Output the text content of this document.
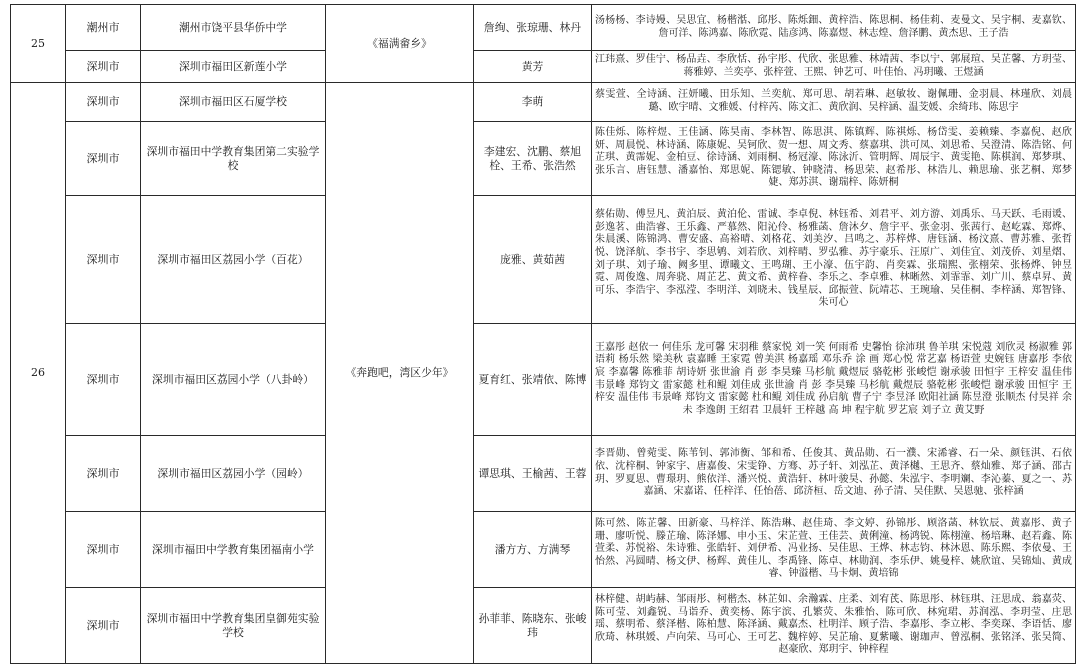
25	潮州市	潮州市饶平县华侨中学	《福满畲乡》	詹绚、张琼珊、林丹	汤杨杨、李诗嫚、吴思宜、杨楷湉、邱彤、陈烁鈿、黄梓浩、陈思桐、杨佳莉、麦曼文、吴宇桐、麦嘉钦、詹可洋、陈鸿嘉、陈欣霓、陆彦鸿、陈嘉煜、林志煌、詹泽鹏、黄杰思、王子浩
	深圳市	深圳市福田区新莲小学		黄芳	江玮熹、罗佳宁、杨品垚、李欣恬、孙宇彤、代欣、张思雅、林靖茜、李以宁、郭展瑄、吴芷馨、方玥莹、蒋雅婷、兰奕亭、张梓萱、王熙、钟艺可、叶佳怡、冯玥曦、王煜涵
26	深圳市	深圳市福田区石厦学校	《奔跑吧，湾区少年》	李萌	蔡雯萱、全诗涵、汪妍曦、田乐知、兰奕航、郑可思、胡若琳、赵敏妆、谢佩珊、金羽晨、林瑾欣、刘晨璐、欧宇晴、文雅媛、付梓芮、陈文汇、黄欣润、吴梓涵、温芠媛、余绮玮、陈思宇
	深圳市	深圳市福田中学教育集团第二实验学校		李建宏、沈鹏、蔡旭栓、王希、张浩然	陈佳烁、陈梓煜、王佳涵、陈昊南、李林智、陈思淇、陈镇辉、陈祺烁、杨岱雯、姜赖臻、李嘉倪、赵欣妍、周晨悦、林诗涵、陈康妮、吴钶欣、贺一想、周文秀、蔡嘉琪、洪可凤、刘思希、吴澄清、陈浩铭、何芷琪、黄霈妮、金柏豆、徐诗涵、刘雨桐、杨冠濠、陈泳沂、管明辉、周辰宇、黄雯艳、陈棋润、郑梦琪、张乐言、唐钰慧、潘嘉怡、郑思妮、陈锶敏、钟晓清、杨思荣、赵希彤、林浩儿、赖思瑜、张艺桐、郑梦婕、郑苏淇、谢瑞梓、陈妍桐
	深圳市	深圳市福田区荔园小学（百花）		庞雅、黄茹茜	蔡佑勋、傅昱凡、黄泊辰、黄泊伦、雷诚、李卓倪、林钰希、刘君平、刘方游、刘禹乐、马天跃、毛雨谖、彭逸茗、曲浩睿、王乐鑫、严慕然、阳沁伶、杨雅菡、詹沐夕、詹宇平、张金羽、张茜行、赵屹霖、郑烨、朱晨溪、陈锦鸿、曹安盛、高裕晴、刘格花、刘美汐、吕鸣之、苏梓烨、唐钰涵、杨汶熹、曹苏雅、张哲悦、饶泽航、李书宇、李思鸲、刘若欣、刘梓晴、罗弘雅、苏宇豪乐、汪原广、刘佳宜、刘茂侨、刘星熠、刘子琪、刘子瑜、阙多里、谭曦文、王鸣瑚、王小濠、伍宇韵、肖奕霖、张瑞熙、张栩荣、张杨烨、钟昱霓、周俊逸、周奔骁、周芷艺、黄文希、黄梓眷、李乐之、李卓雅、林晰然、刘霏霏、刘广川、蔡卓昇、黄可乐、李浩宇、李泓滢、李明洋、刘晓未、钱星辰、邱振萱、阮靖芯、王琬瑜、吴佳桐、李梓涵、郑智锋、朱可心
	深圳市	深圳市福田区荔园小学（八卦岭）		夏育红、张靖依、陈博	王嘉彤 赵依一 何佳乐 龙可馨 宋羽稚 蔡家悦 刘一笑 何雨希 史馨怡 徐沛琪 鲁羊琪 宋悦蔻 刘欣灵 杨淑雅 郭语莉 杨乐然 梁美秋 袁嘉睡 王家霓 曾美淇 杨嘉瑶 邓乐乔 涂 画 郑心悦 常艺嘉 杨语萱 史婉钰 唐嘉彤 李依宸 李嘉馨 陈雅菲 胡诗妍 张世渝 肖 彭 李昊臻 马杉航 戴煜辰 骆乾彬 张峻恺 谢承骏 田恒宇 王梓安 温佳伟 韦景峰 郑钧文 雷家懿 杜和鲲 刘佳成 张世渝 肖 彭 李昊臻 马杉航 戴煜辰 骆乾彬 张峻恺 谢承骏 田恒宇 王梓安 温佳伟 韦景峰 郑钧文 雷家懿 杜和鲲 刘佳成 孙启航 曹子宁 李昱泽 欧阳社涵 陈昱澄 张顺杰 付昊祥 余未 李逸朗 王绍君 卫晨轩 王梓越 高 坤 程宇航 罗艺宸 刘子立 黄艾野
	深圳市	深圳市福田区荔园小学（园岭）		谭思琪、王榆茜、王蓉	李晋勋、曾菀雯、陈苇钊、郭沛衡、邹和希、任俊其、黄品勋、石一濮、宋浠睿、石一朵、颜钰淇、石依依、沈梓桐、钟家宇、唐嘉俊、宋雯铮、方骞、苏子轩、刘泓芷、黄泽樾、王思齐、蔡灿雅、郑子涵、邵古玥、罗夏思、曹璟玥、熊依洋、潘兴悦、黄浩轩、林叶骏昊、孙懿、朱泓宇、李明斓、李沁蓁、夏之一、苏嘉涵、宋嘉诺、任梓洋、任怡蓓、邱济桓、岳文迪、孙子清、吴佳默、吴恩驰、张梓涵
	深圳市	深圳市福田中学教育集团福南小学		潘方方、方满琴	陈可然、陈芷馨、田新豪、马梓洋、陈浩琳、赵佳琦、李文婷、孙锦彤、顾洛菡、林钦辰、黄嘉彤、黄子珊、廖听悦、滕芷瑜、陈泽娜、申小玉、宋芷萱、王佳芸、黄俐潼、杨鸿锐、陈栩潼、杨培琳、赵若鑫、陈萱柔、苏悦裕、朱诗雅、张皓轩、刘伊希、冯业扬、吴佳思、王烨、林志钧、林沐恩、陈乐熙、李依曼、王怡然、冯圆晴、杨文伊、杨辉、黄佳儿、李禹锋、陈卓、林勋润、李乐伊、姚曼梓、姚欣谊、吴锦灿、黄成睿、钟溢楷、马卡炯、黄培锦
	深圳市	深圳市福田中学教育集团皇御苑实验学校		孙菲菲、陈晓东、张峻玮	林梓健、胡屿赫、邹雨彤、柯楷杰、林芷如、余瀚霖、庄柔、刘宥芪、陈思彤、林钰琪、汪思成、翁嘉荧、陈可莹、刘鑫锐、马诣乔、黄奕杨、陈宇滨、孔繁荧、朱雅怡、陈可欣、林宛珺、苏润泓、李玥莹、庄思瑶、蔡明希、蔡泽楷、陈柏慧、陈泽涵、戴嘉杰、杜明洋、顾子浩、李嘉彤、李立彬、李奕琛、李语恬、廖欣琦、林琪媛、卢向荣、马可心、王可艺、魏梓婷、吴芷瑜、夏紫曦、谢珈声、曾泓桐、张铭泽、张吴简、赵豪欣、郑玥宇、钟梓程
